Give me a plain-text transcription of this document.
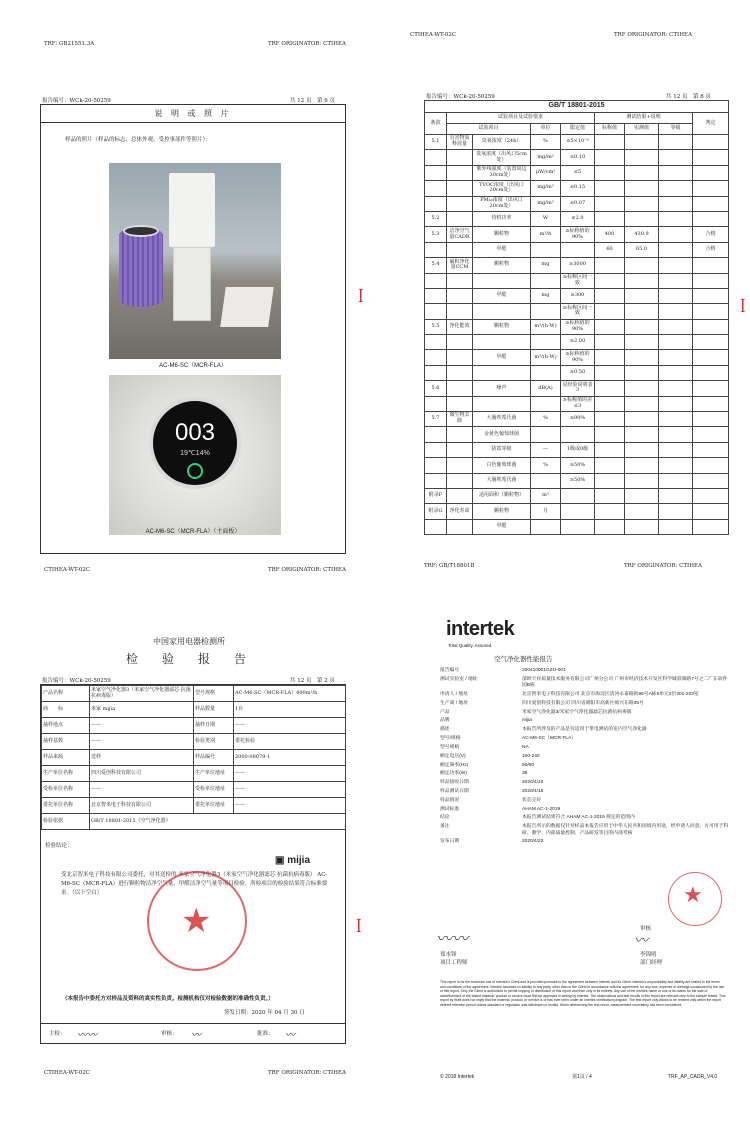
TRF: GB21551.3A	TRF ORIGINATOR: CTIHEA
报告编号：WCk-20-50259	共 12 页　第 6 页
说 明 或 照 片
样品的照片（样品的标志、总体外观、受控事部件等照片）：
AC-M6-SC（MCR-FLA）
003
19℃14%
AC-M6-SC（MCR-FLA）（主面板）
CTIHEA-WT-02C	TRF ORIGINATOR: CTIHEA
ꟾ
CTIHEA-WT-02C	TRF ORIGINATOR: CTIHEA
报告编号：WCk-20-50259	共 12 页　第 8 页
GB/T 18801-2015								
条款	试验项目及试验要求				测试结果+说明			判定
	试验项目		单位	限定值	标称值	实测值	等级	
5.1	有害物质释放量	臭氧浓度（24h）	%	≤5×10⁻⁶				
		臭氧浓度（出风口5cm处）	mg/m³	≤0.10				
		紫外线强度（装置周边30cm处）	μW/cm²	≤5				
		TVOC浓度（出风口20cm处）	mg/m³	≤0.15				
		PM₁₀浓度（出风口20cm处）	mg/m³	≤0.07				
5.2		待机功率	W	≤2.0				
5.3	洁净空气量CADR	颗粒物	m³/h	≥标称值的90%	400	430.9		合格
		甲醛			60	65.0		合格
5.4	累积净化量CCM	颗粒物	mg	≥3000				
				≥标称区间一致				
		甲醛	mg	≥300				
				≥标称区间一致				
5.5	净化能效	颗粒物	m³/(h·W)	≥标称值的90%				
				≥2.00				
		甲醛	m³/(h·W)	≥标称值的90%				
				≥0.50				
5.6		噪声	dB(A)	见经验说明表3				
				≥标称值的差≤3				
5.7	微生物去除	大肠埃希氏菌	%	≥90%				
		金黄色葡萄球菌						
		防霉等级	—	1级或0级				
		白色葡萄球菌	%	≥50%				
		大肠埃希氏菌		≥50%				
附录F		适用面积（颗粒物）	m²					
附录G	净化寿命	颗粒物	月					
		甲醛						
TRF: GB/T18801B	TRF ORIGINATOR: CTIHEA
ꟾ
中国家用电器检测所
检　验　报　告
报告编号：WCk-20-50259	共 12 页　第 2 页
产品名称	米家空气净化器3（米家空气净化器滤芯 抗菌抗病毒版）	型号规格	AC-M6-SC（MCR-FLA）400m³/h
商　　标	米家 mijia	样品数量	1台
抽样地点	——	抽样日期	——
抽样基数	——	检验类别	委托检验
样品来源	送样	样品编号	2000-08079-1
生产单位名称	四川爱创科技有限公司	生产单位地址	——
受检单位名称	——	受检单位地址	——
委托单位名称	北京智米电子科技有限公司	委托单位地址	——
检验依据	GB/T 18801-2015《空气净化器》		
检验结论：
受北京智米电子科技有限公司委托，对其送检的 米家空气净化器3（米家空气净化器滤芯 抗菌抗病毒版） AC-M6-SC（MCR-FLA）进行颗粒物洁净空气量、甲醛洁净空气量等项目检验。所检项目的检验结果符合标准要求。（以下空白）
▣ mijia
★
（本报告中委托方对样品及资料的真实性负责。检测机构仅对检验数据的准确性负责。）
签发日期：2020 年 04 月 30 日
主检：	审核：	批准：
〰︎〰︎	〰︎	〰︎
CTIHEA-WT-02C	TRF ORIGINATOR: CTIHEA
ꟾ
intertek
Total Quality. Assured.
空气净化器性能报告
报告编号	200410001GZU-001
测试实验室 / 地址	深圳天祥质量技术服务有限公司广州分公司 广州市经济技术开发区科学城彩频路7号之二广东软件园B栋
申请人 / 地址	北京智米电子科技有限公司 北京市海淀区清河永泰路街95号A栋6单元2层201-203室
生产商 / 地址	四川爱创科技有限公司 四川省绵阳市高新区绵兴东路35号
产品	米家空气净化器3/米家空气净化器滤芯抗菌抗病毒版
品牌	mijia
描述	本报告所涉及的产品是仅适用于带电测试的室内空气净化器
型号/规格	AC-M6-SC（MCR-FLA）
型号规格	NA
额定电压(V)	100-240
额定频率(Hz)	50/60
额定功率(W)	38
样品接收日期	2020/4/10
样品测试日期	2020/4/15
样品情况	状态完好
测试标准	AHAM AC-1-2019
结论	本报告测试结果符合 AHAM AC-1-2019 规定的范围内
备注	本报告所示的数据仅针对样品本报告应用于中华人民共和国境内用途，经申请人同意，方可用于科研、教学、内部质量控制、产品研发等目的内部考核
发布日期	2020/4/22
〰︎〰︎
郑本锋
项目工程师
审核
〰︎
李锦明
部门经理
★
This report is for the exclusive use of Intertek's Client and is provided pursuant to the agreement between Intertek and its Client. Intertek's responsibility and liability are limited to the terms and conditions of the agreement. Intertek assumes no liability to any party, other than to the Client in accordance with the agreement, for any loss, expense or damage occasioned by the use of this report. Only the Client is authorized to permit copying or distribution of this report and then only in its entirety. Any use of the Intertek name or one of its marks for the sale or advertisement of the tested material, product or service must first be approved in writing by Intertek. The observations and test results in this report are relevant only to the sample tested. This report by itself does not imply that the material, product, or service is or has ever been under an Intertek certification program. The test report only allows to be revised only within the report defined retention period unless standard or regulation was withdrawn or invalid. When determining the test result, measurement uncertainty has been considered.
© 2018 Intertek	第1页 / 4	TRF_AP_CADR_V4.0
